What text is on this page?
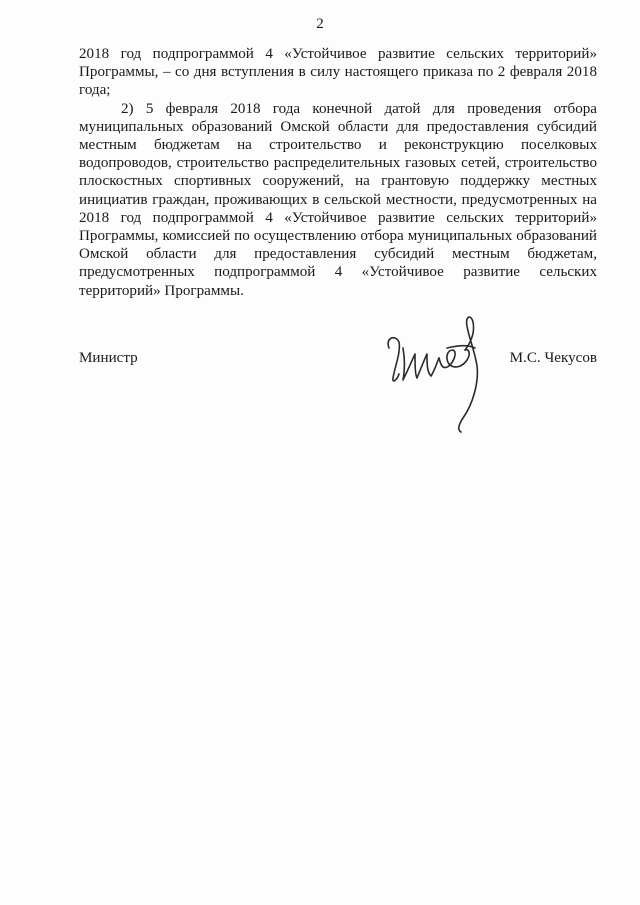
2

2018 год подпрограммой 4 «Устойчивое развитие сельских территорий» Программы, – со дня вступления в силу настоящего приказа по 2 февраля 2018 года;

2) 5 февраля 2018 года конечной датой для проведения отбора муниципальных образований Омской области для предоставления субсидий местным бюджетам на строительство и реконструкцию поселковых водопроводов, строительство распределительных газовых сетей, строительство плоскостных спортивных сооружений, на грантовую поддержку местных инициатив граждан, проживающих в сельской местности, предусмотренных на 2018 год подпрограммой 4 «Устойчивое развитие сельских территорий» Программы, комиссией по осуществлению отбора муниципальных образований Омской области для предоставления субсидий местным бюджетам, предусмотренных подпрограммой 4 «Устойчивое развитие сельских территорий» Программы.

Министр	М.С. Чекусов
